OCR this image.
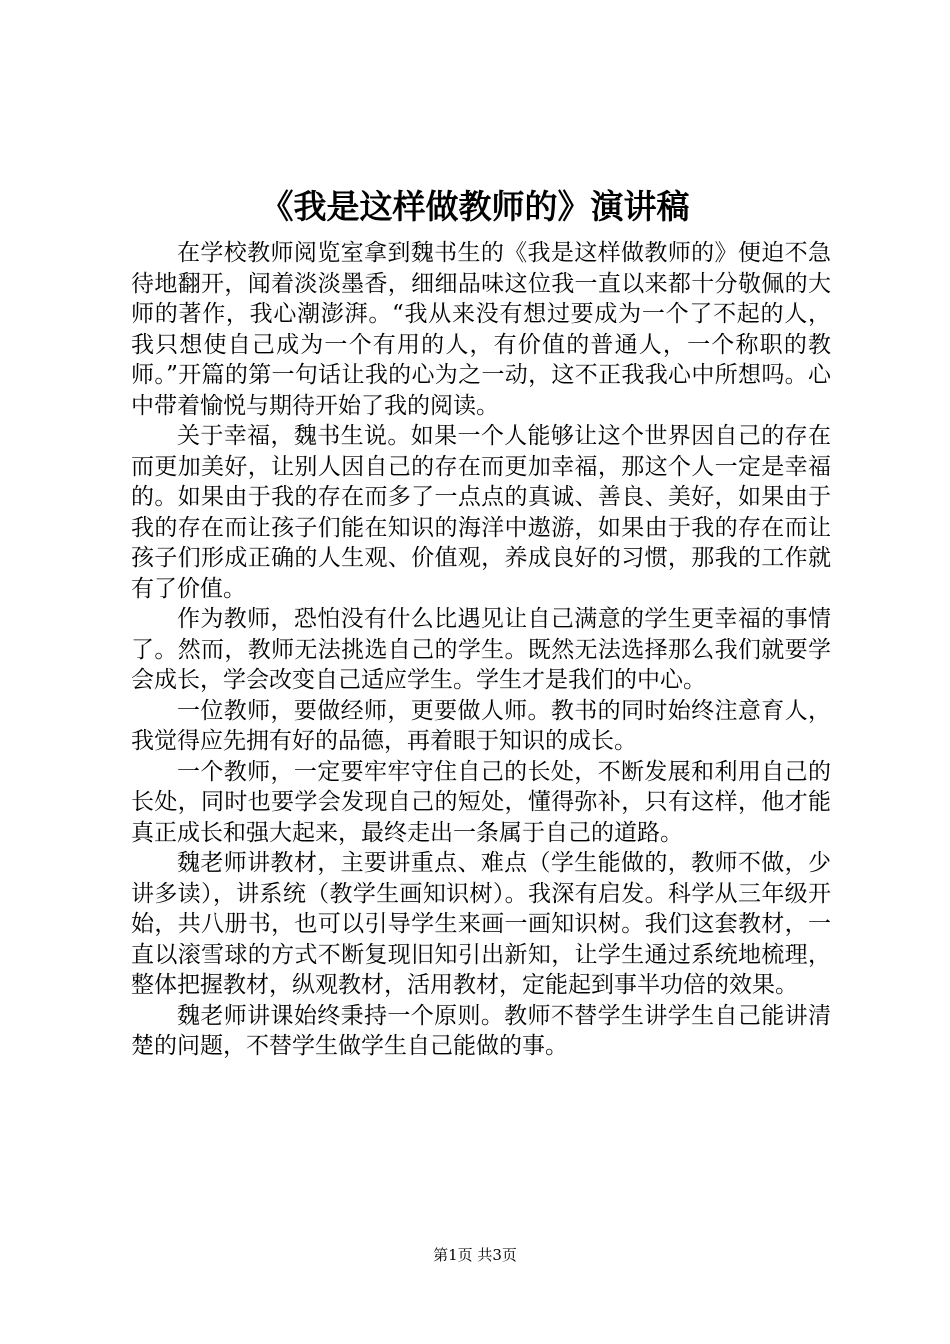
《我是这样做教师的》演讲稿

在学校教师阅览室拿到魏书生的《我是这样做教师的》便迫不急待地翻开，闻着淡淡墨香，细细品味这位我一直以来都十分敬佩的大师的著作，我心潮澎湃。“我从来没有想过要成为一个了不起的人，我只想使自己成为一个有用的人，有价值的普通人，一个称职的教师。”开篇的第一句话让我的心为之一动，这不正我我心中所想吗。心中带着愉悦与期待开始了我的阅读。

关于幸福，魏书生说。如果一个人能够让这个世界因自己的存在而更加美好，让别人因自己的存在而更加幸福，那这个人一定是幸福的。如果由于我的存在而多了一点点的真诚、善良、美好，如果由于我的存在而让孩子们能在知识的海洋中遨游，如果由于我的存在而让孩子们形成正确的人生观、价值观，养成良好的习惯，那我的工作就有了价值。

作为教师，恐怕没有什么比遇见让自己满意的学生更幸福的事情了。然而，教师无法挑选自己的学生。既然无法选择那么我们就要学会成长，学会改变自己适应学生。学生才是我们的中心。

一位教师，要做经师，更要做人师。教书的同时始终注意育人，我觉得应先拥有好的品德，再着眼于知识的成长。

一个教师，一定要牢牢守住自己的长处，不断发展和利用自己的长处，同时也要学会发现自己的短处，懂得弥补，只有这样，他才能真正成长和强大起来，最终走出一条属于自己的道路。

魏老师讲教材，主要讲重点、难点（学生能做的，教师不做，少讲多读），讲系统（教学生画知识树）。我深有启发。科学从三年级开始，共八册书，也可以引导学生来画一画知识树。我们这套教材，一直以滚雪球的方式不断复现旧知引出新知，让学生通过系统地梳理，整体把握教材，纵观教材，活用教材，定能起到事半功倍的效果。

魏老师讲课始终秉持一个原则。教师不替学生讲学生自己能讲清楚的问题，不替学生做学生自己能做的事。

第1页 共3页
